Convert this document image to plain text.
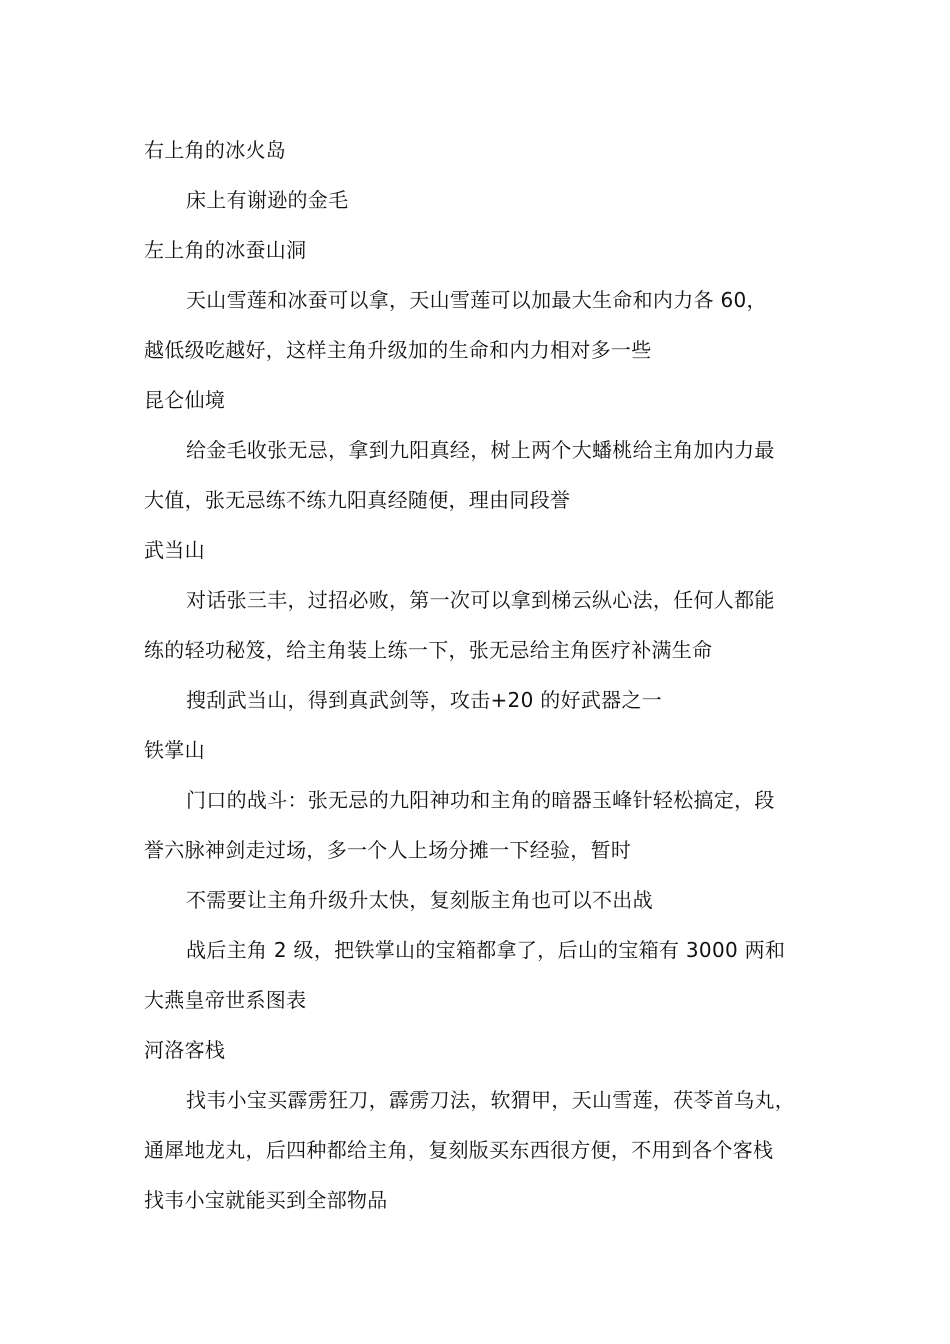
右上角的冰火岛
床上有谢逊的金毛
左上角的冰蚕山洞
天山雪莲和冰蚕可以拿，天山雪莲可以加最大生命和内力各 60，
越低级吃越好，这样主角升级加的生命和内力相对多一些
昆仑仙境
给金毛收张无忌，拿到九阳真经，树上两个大蟠桃给主角加内力最
大值，张无忌练不练九阳真经随便，理由同段誉
武当山
对话张三丰，过招必败，第一次可以拿到梯云纵心法，任何人都能
练的轻功秘笈，给主角装上练一下，张无忌给主角医疗补满生命
搜刮武当山，得到真武剑等，攻击+20 的好武器之一
铁掌山
门口的战斗：张无忌的九阳神功和主角的暗器玉峰针轻松搞定，段
誉六脉神剑走过场，多一个人上场分摊一下经验，暂时
不需要让主角升级升太快，复刻版主角也可以不出战
战后主角 2 级，把铁掌山的宝箱都拿了，后山的宝箱有 3000 两和
大燕皇帝世系图表
河洛客栈
找韦小宝买霹雳狂刀，霹雳刀法，软猬甲，天山雪莲，茯苓首乌丸，
通犀地龙丸，后四种都给主角，复刻版买东西很方便，不用到各个客栈
找韦小宝就能买到全部物品
